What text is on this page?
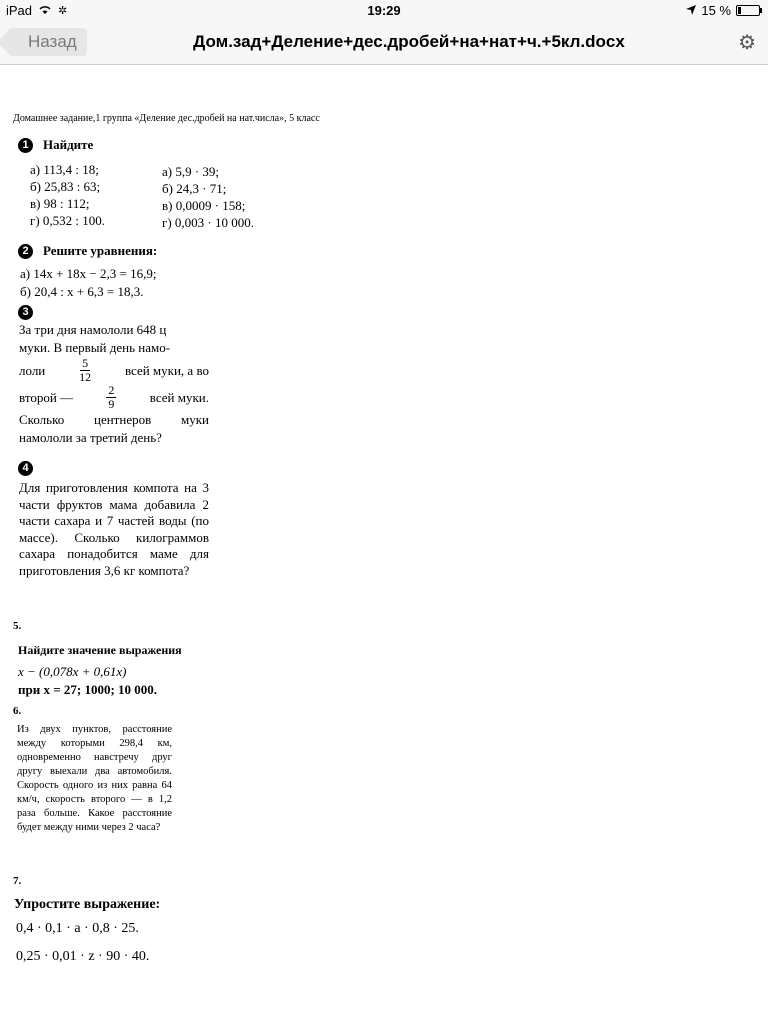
iPad ✲	19:29	15 %
Назад	Дом.зад+Деление+дес.дробей+на+нат+ч.+5кл.docx	⚙
Домашнее задание,1 группа «Деление дес.дробей на нат.числа», 5 класс
1 Найдите
а) 113,4 : 18;
б) 25,83 : 63;
в) 98 : 112;
г) 0,532 : 100.
а) 5,9 · 39;
б) 24,3 · 71;
в) 0,0009 · 158;
г) 0,003 · 10 000.
2 Решите уравнения:
а) 14x + 18x − 2,3 = 16,9;
б) 20,4 : x + 6,3 = 18,3.
3
За три дня намололи 648 ц
муки. В первый день намо-
лоли	$\frac{5}{12}$	всей муки, а во
второй —	$\frac{2}{9}$	всей муки.
Сколько центнеров муки
намололи за третий день?
4
Для приготовления компота на 3 части фруктов мама добавила 2 части сахара и 7 частей воды (по массе). Сколько килограммов сахара понадобится маме для приготовления 3,6 кг компота?
5.
Найдите значение выражения
x − (0,078x + 0,61x)
при x = 27; 1000; 10 000.
6.
Из двух пунктов, расстояние между которыми 298,4 км, одновременно навстречу друг другу выехали два автомобиля. Скорость одного из них равна 64 км/ч, скорость второго — в 1,2 раза больше. Какое расстояние будет между ними через 2 часа?
7.
Упростите выражение:
0,4 · 0,1 · a · 0,8 · 25.
0,25 · 0,01 · z · 90 · 40.
